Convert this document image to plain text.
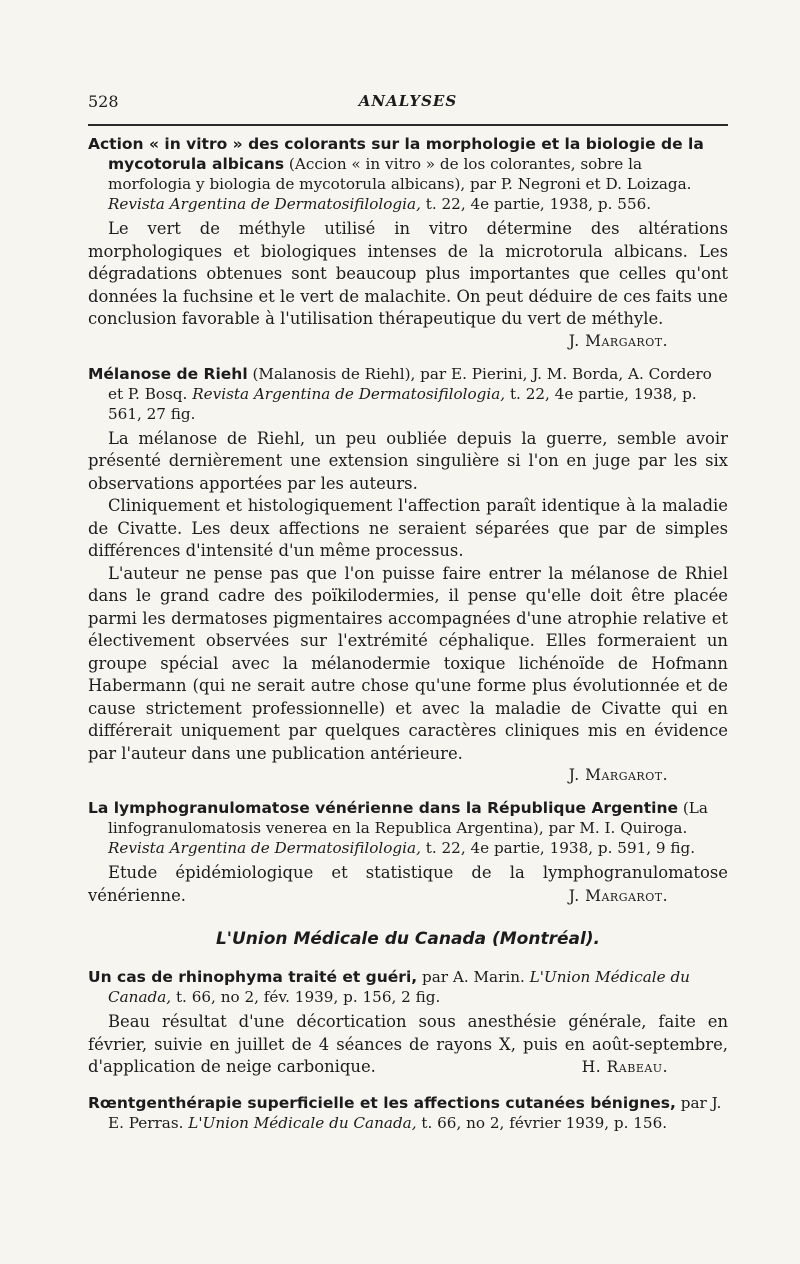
528	ANALYSES
Action « in vitro » des colorants sur la morphologie et la biologie de la mycotorula albicans (Accion « in vitro » de los colorantes, sobre la morfologia y biologia de mycotorula albicans), par P. Negroni et D. Loizaga. Revista Argentina de Dermatosifilologia, t. 22, 4e partie, 1938, p. 556.

Le vert de méthyle utilisé in vitro détermine des altérations morphologiques et biologiques intenses de la microtorula albicans. Les dégradations obtenues sont beaucoup plus importantes que celles qu'ont données la fuchsine et le vert de malachite. On peut déduire de ces faits une conclusion favorable à l'utilisation thérapeutique du vert de méthyle.

J. Margarot.
Mélanose de Riehl (Malanosis de Riehl), par E. Pierini, J. M. Borda, A. Cordero et P. Bosq. Revista Argentina de Dermatosifilologia, t. 22, 4e partie, 1938, p. 561, 27 fig.

La mélanose de Riehl, un peu oubliée depuis la guerre, semble avoir présenté dernièrement une extension singulière si l'on en juge par les six observations apportées par les auteurs.

Cliniquement et histologiquement l'affection paraît identique à la maladie de Civatte. Les deux affections ne seraient séparées que par de simples différences d'intensité d'un même processus.

L'auteur ne pense pas que l'on puisse faire entrer la mélanose de Rhiel dans le grand cadre des poïkilodermies, il pense qu'elle doit être placée parmi les dermatoses pigmentaires accompagnées d'une atrophie relative et électivement observées sur l'extrémité céphalique. Elles formeraient un groupe spécial avec la mélanodermie toxique lichénoïde de Hofmann Habermann (qui ne serait autre chose qu'une forme plus évolutionnée et de cause strictement professionnelle) et avec la maladie de Civatte qui en différerait uniquement par quelques caractères cliniques mis en évidence par l'auteur dans une publication antérieure.

J. Margarot.
La lymphogranulomatose vénérienne dans la République Argentine (La linfogranulomatosis venerea en la Republica Argentina), par M. I. Quiroga. Revista Argentina de Dermatosifilologia, t. 22, 4e partie, 1938, p. 591, 9 fig.

Etude épidémiologique et statistique de la lymphogranulomatose vénérienne.	J. Margarot.

L'Union Médicale du Canada (Montréal).
Un cas de rhinophyma traité et guéri, par A. Marin. L'Union Médicale du Canada, t. 66, no 2, fév. 1939, p. 156, 2 fig.

Beau résultat d'une décortication sous anesthésie générale, faite en février, suivie en juillet de 4 séances de rayons X, puis en août-septembre, d'application de neige carbonique.	H. Rabeau.

Rœntgenthérapie superficielle et les affections cutanées bénignes, par J. E. Perras. L'Union Médicale du Canada, t. 66, no 2, février 1939, p. 156.
